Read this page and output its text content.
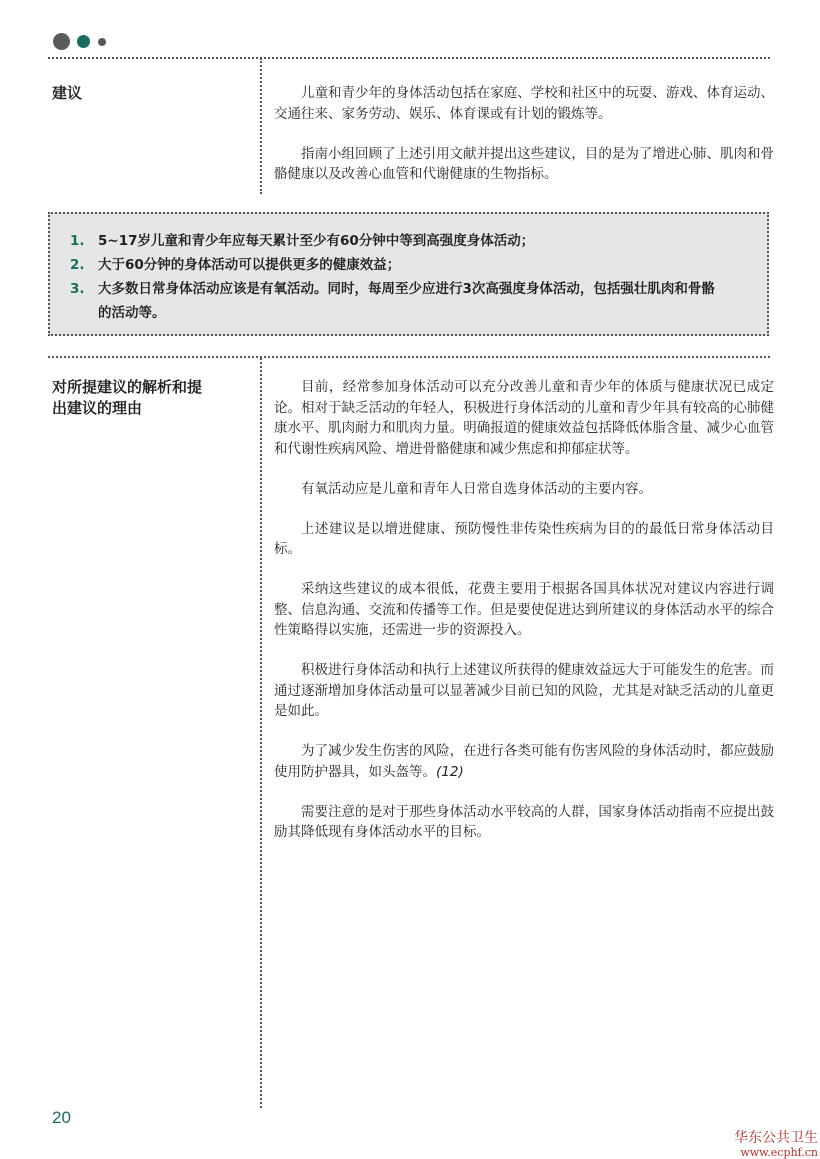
建议	儿童和青少年的身体活动包括在家庭、学校和社区中的玩耍、游戏、体育运动、交通往来、家务劳动、娱乐、体育课或有计划的锻炼等。

指南小组回顾了上述引用文献并提出这些建议，目的是为了增进心肺、肌肉和骨骼健康以及改善心血管和代谢健康的生物指标。

1. 5~17岁儿童和青少年应每天累计至少有60分钟中等到高强度身体活动；
2. 大于60分钟的身体活动可以提供更多的健康效益；
3. 大多数日常身体活动应该是有氧活动。同时，每周至少应进行3次高强度身体活动，包括强壮肌肉和骨骼的活动等。
对所提建议的解析和提出建议的理由

目前，经常参加身体活动可以充分改善儿童和青少年的体质与健康状况已成定论。相对于缺乏活动的年轻人，积极进行身体活动的儿童和青少年具有较高的心肺健康水平、肌肉耐力和肌肉力量。明确报道的健康效益包括降低体脂含量、减少心血管和代谢性疾病风险、增进骨骼健康和减少焦虑和抑郁症状等。

有氧活动应是儿童和青年人日常自选身体活动的主要内容。

上述建议是以增进健康、预防慢性非传染性疾病为目的的最低日常身体活动目标。

采纳这些建议的成本很低，花费主要用于根据各国具体状况对建议内容进行调整、信息沟通、交流和传播等工作。但是要使促进达到所建议的身体活动水平的综合性策略得以实施，还需进一步的资源投入。

积极进行身体活动和执行上述建议所获得的健康效益远大于可能发生的危害。而通过逐渐增加身体活动量可以显著减少目前已知的风险，尤其是对缺乏活动的儿童更是如此。

为了减少发生伤害的风险，在进行各类可能有伤害风险的身体活动时，都应鼓励使用防护器具，如头盔等。(12)

需要注意的是对于那些身体活动水平较高的人群，国家身体活动指南不应提出鼓励其降低现有身体活动水平的目标。

20
华东公共卫生
www.ecphf.cn
